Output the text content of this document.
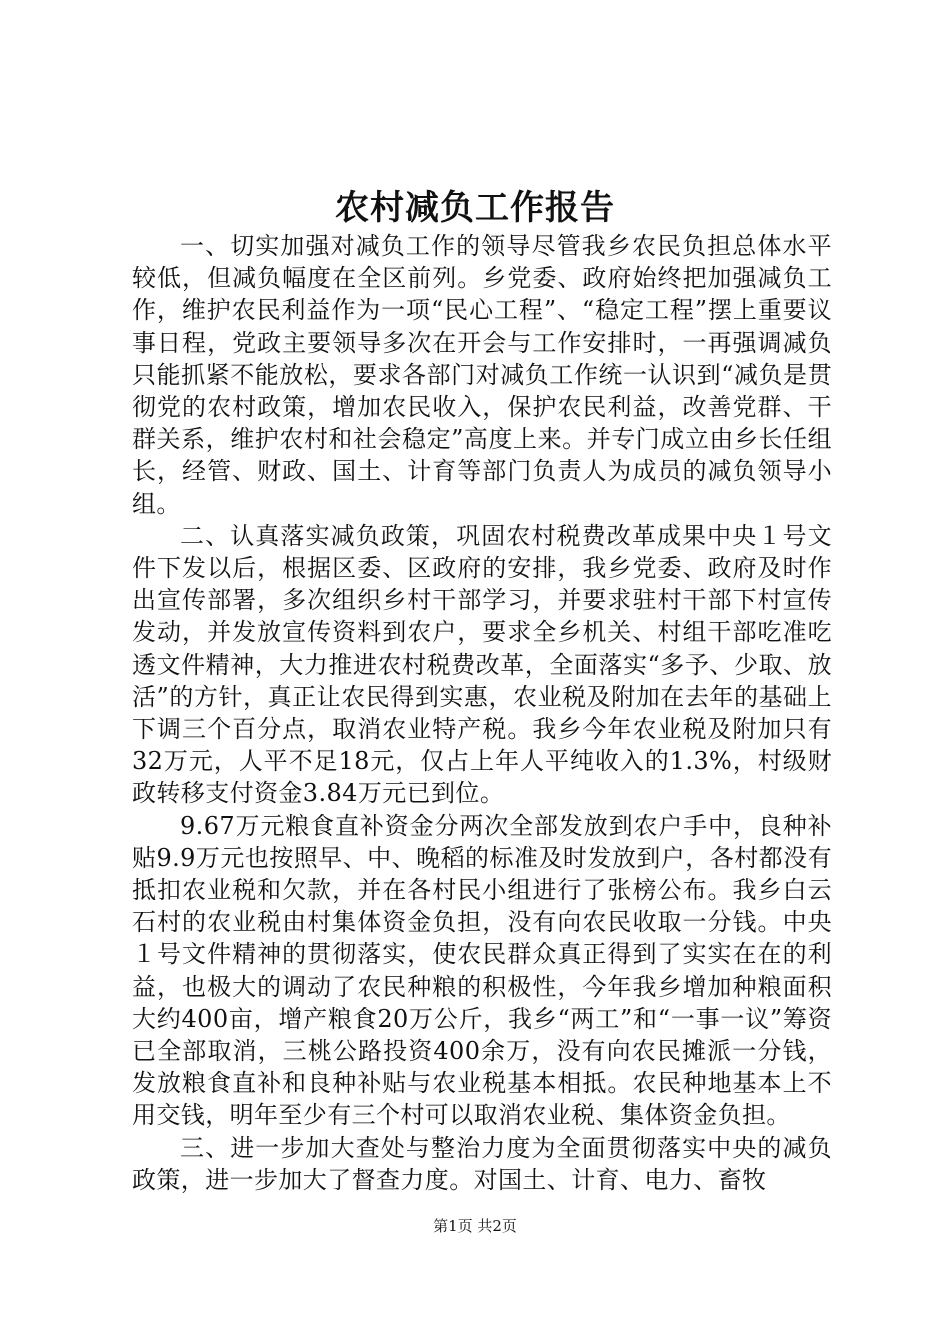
农村减负工作报告

一、切实加强对减负工作的领导尽管我乡农民负担总体水平较低，但减负幅度在全区前列。乡党委、政府始终把加强减负工作，维护农民利益作为一项“民心工程”、“稳定工程”摆上重要议事日程，党政主要领导多次在开会与工作安排时，一再强调减负只能抓紧不能放松，要求各部门对减负工作统一认识到“减负是贯彻党的农村政策，增加农民收入，保护农民利益，改善党群、干群关系，维护农村和社会稳定”高度上来。并专门成立由乡长任组长，经管、财政、国土、计育等部门负责人为成员的减负领导小组。

二、认真落实减负政策，巩固农村税费改革成果中央１号文件下发以后，根据区委、区政府的安排，我乡党委、政府及时作出宣传部署，多次组织乡村干部学习，并要求驻村干部下村宣传发动，并发放宣传资料到农户，要求全乡机关、村组干部吃准吃透文件精神，大力推进农村税费改革，全面落实“多予、少取、放活”的方针，真正让农民得到实惠，农业税及附加在去年的基础上下调三个百分点，取消农业特产税。我乡今年农业税及附加只有32万元，人平不足18元，仅占上年人平纯收入的1.3%，村级财政转移支付资金3.84万元已到位。

9.67万元粮食直补资金分两次全部发放到农户手中，良种补贴9.9万元也按照早、中、晚稻的标准及时发放到户，各村都没有抵扣农业税和欠款，并在各村民小组进行了张榜公布。我乡白云石村的农业税由村集体资金负担，没有向农民收取一分钱。中央１号文件精神的贯彻落实，使农民群众真正得到了实实在在的利益，也极大的调动了农民种粮的积极性，今年我乡增加种粮面积大约400亩，增产粮食20万公斤，我乡“两工”和“一事一议”筹资已全部取消，三桃公路投资400余万，没有向农民摊派一分钱，发放粮食直补和良种补贴与农业税基本相抵。农民种地基本上不用交钱，明年至少有三个村可以取消农业税、集体资金负担。

三、进一步加大查处与整治力度为全面贯彻落实中央的减负政策，进一步加大了督查力度。对国土、计育、电力、畜牧

第1页 共2页
